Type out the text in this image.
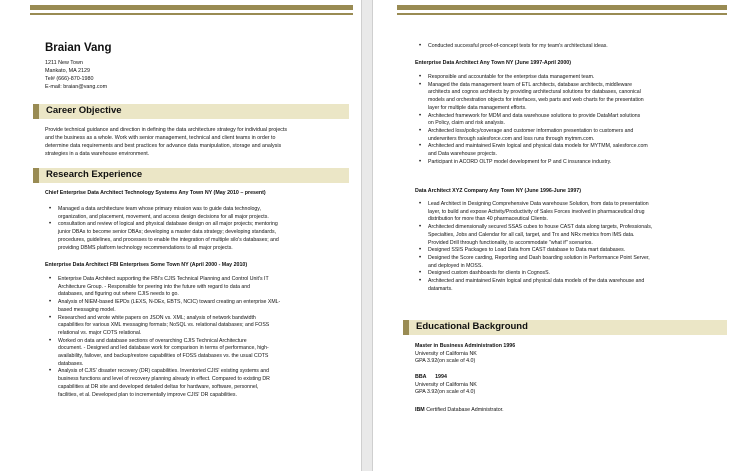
Braian Vang
1211 New Town
Mankato, MA 2129
Tel# (666)-870-1980
E-mail: braian@vang.com
Career Objective
Provide technical guidance and direction in defining the data architecture strategy for individual projects
and the business as a whole. Work with senior management, technical and client teams in order to
determine data requirements and best practices for advance data manipulation, storage and analysis
strategies in a data warehouse environment.
Research Experience
Chief Enterprise Data Architect Technology Systems Any Town NY (May 2010 – present)
• Managed a data architecture team whose primary mission was to guide data technology,
organization, and placement, movement, and access design decisions for all major projects.
• consultation and review of logical and physical database design on all major projects; mentoring
junior DBAs to become senior DBAs; developing a master data strategy; developing standards,
procedures, guidelines, and processes to enable the integration of multiple silo's databases; and
providing DBMS platform technology recommendations to all major projects.
Enterprise Data Architect FBI Enterprises Some Town NY (April 2000 - May 2010)
• Enterprise Data Architect supporting the FBI's CJIS Technical Planning and Control Unit's IT
Architecture Group. - Responsible for peering into the future with regard to data and
databases, and figuring out where CJIS needs to go.
• Analysis of NIEM-based IEPDs (LEXS, N-DEx, EBTS, NCIC) toward creating an enterprise XML-
based messaging model.
• Researched and wrote white papers on JSON vs. XML; analysis of network bandwidth
capabilities for various XML messaging formats; NoSQL vs. relational databases; and FOSS
relational vs. major COTS relational.
• Worked on data and database sections of overarching CJIS Technical Architecture
document. - Designed and led database work for comparison in terms of performance, high-
availability, failover, and backup/restore capabilities of FOSS databases vs. the usual COTS
databases.
• Analysis of CJIS' disaster recovery (DR) capabilities. Inventoried CJIS' existing systems and
business functions and level of recovery planning already in effect. Compared to existing DR
capabilities at DR site and developed detailed deltas for hardware, software, personnel,
facilities, et al. Developed plan to incrementally improve CJIS' DR capabilities.
• Conducted successful proof-of-concept tests for my team's architectural ideas.
Enterprise Data Architect Any Town NY (June 1997-April 2000)
• Responsible and accountable for the enterprise data management team.
• Managed the data management team of ETL architects, database architects, middleware
architects and cognos architects by providing architectural solutions for databases, canonical
models and orchestration objects for interfaces, web parts and web charts for the presentation
layer for multiple data management efforts.
• Architected framework for MDM and data warehouse solutions to provide DataMart solutions
on Policy, claim and risk analysis.
• Architected loss/policy/coverage and customer information presentation to customers and
underwriters through salesforce.com and loss runs through mytmm.com.
• Architected and maintained Erwin logical and physical data models for MYTMM, salesforce.com
and Data warehouse projects.
• Participant in ACORD OLTP model development for P and C insurance industry.
Data Architect XYZ Company Any Town NY (June 1996-June 1997)
• Lead Architect in Designing Comprehensive Data warehouse Solution, from data to presentation
layer, to build and expose Activity/Productivity of Sales Forces involved in pharmaceutical drug
distribution for more than 40 pharmaceutical Clients.
• Architected dimensionally secured SSAS cubes to house CAST data along targets, Professionals,
Specialties, Jobs and Calendar for all call, target, and Trx and NRx metrics from IMS data.
Provided Drill through functionality, to accommodate "what if" scenarios.
• Designed SSIS Packages to Load Data from CAST database to Data mart databases.
• Designed the Score carding, Reporting and Dash boarding solution in Performance Point Server,
and deployed in MOSS.
• Designed custom dashboards for clients in CognosS.
• Architected and maintained Erwin logical and physical data models of the data warehouse and
datamarts.
Educational Background
Master in Business Administration 1996
University of California NK
GPA 3.92(on scale of 4.0)
BBA      1994
University of California NK
GPA 3.92(on scale of 4.0)
IBM Certified Database Administrator.
